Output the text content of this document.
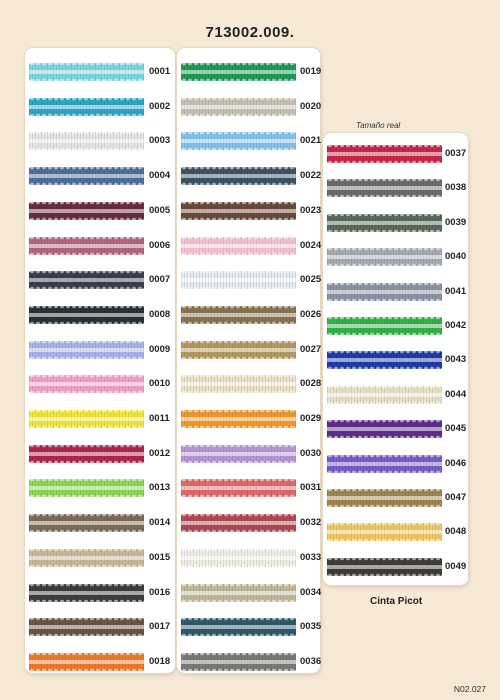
713002.009.
0001
0002
0003
0004
0005
0006
0007
0008
0009
0010
0011
0012
0013
0014
0015
0016
0017
0018
0019
0020
0021
0022
0023
0024
0025
0026
0027
0028
0029
0030
0031
0032
0033
0034
0035
0036
0037
0038
0039
0040
0041
0042
0043
0044
0045
0046
0047
0048
0049
Tamaño real
Cinta Picot
N02.027
